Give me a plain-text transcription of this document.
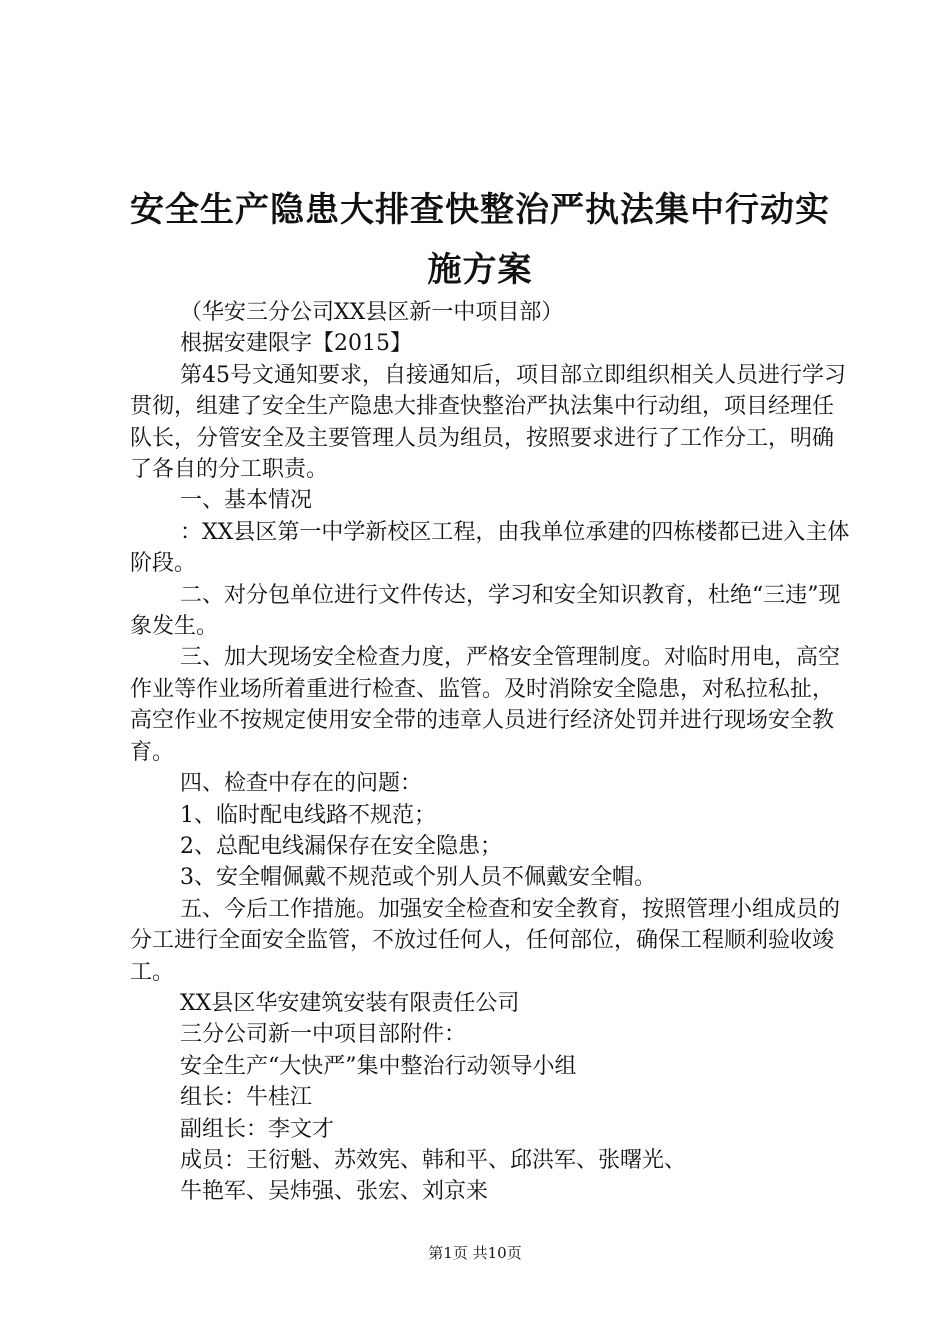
安全生产隐患大排查快整治严执法集中行动实
施方案

（华安三分公司XX县区新一中项目部）

根据安建限字【2015】

第45号文通知要求，自接通知后，项目部立即组织相关人员进行学习贯彻，组建了安全生产隐患大排查快整治严执法集中行动组，项目经理任队长，分管安全及主要管理人员为组员，按照要求进行了工作分工，明确了各自的分工职责。

一、基本情况

：XX县区第一中学新校区工程，由我单位承建的四栋楼都已进入主体阶段。

二、对分包单位进行文件传达，学习和安全知识教育，杜绝“三违”现象发生。

三、加大现场安全检查力度，严格安全管理制度。对临时用电，高空作业等作业场所着重进行检查、监管。及时消除安全隐患，对私拉私扯，高空作业不按规定使用安全带的违章人员进行经济处罚并进行现场安全教育。

四、检查中存在的问题：

1、临时配电线路不规范；

2、总配电线漏保存在安全隐患；

3、安全帽佩戴不规范或个别人员不佩戴安全帽。

五、今后工作措施。加强安全检查和安全教育，按照管理小组成员的分工进行全面安全监管，不放过任何人，任何部位，确保工程顺利验收竣工。

XX县区华安建筑安装有限责任公司

三分公司新一中项目部附件：

安全生产“大快严”集中整治行动领导小组

组长：牛桂江

副组长：李文才

成员：王衍魁、苏效宪、韩和平、邱洪军、张曙光、

牛艳军、吴炜强、张宏、刘京来

第1页 共10页
